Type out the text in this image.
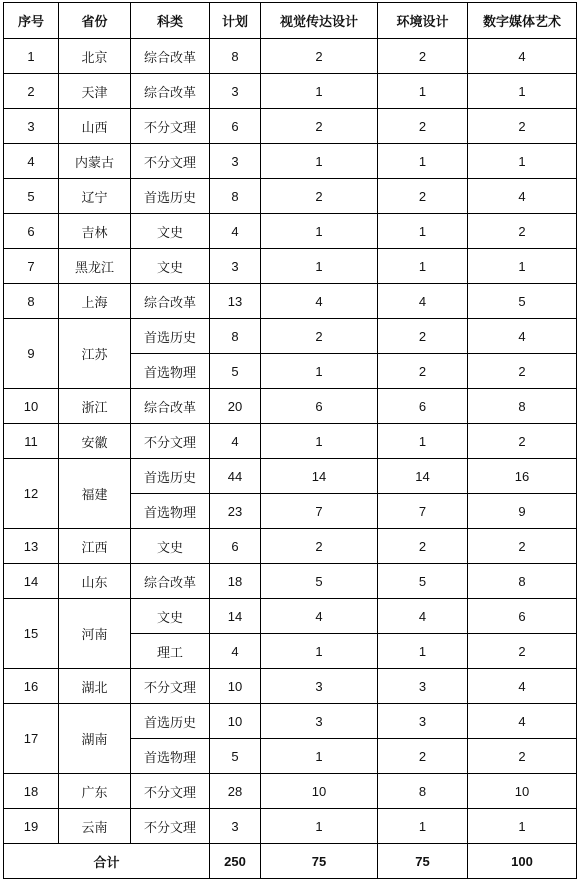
序号	省份	科类	计划	视觉传达设计	环境设计	数字媒体艺术
1	北京	综合改革	8	2	2	4
2	天津	综合改革	3	1	1	1
3	山西	不分文理	6	2	2	2
4	内蒙古	不分文理	3	1	1	1
5	辽宁	首选历史	8	2	2	4
6	吉林	文史	4	1	1	2
7	黑龙江	文史	3	1	1	1
8	上海	综合改革	13	4	4	5
9	江苏	首选历史	8	2	2	4
		首选物理	5	1	2	2
10	浙江	综合改革	20	6	6	8
11	安徽	不分文理	4	1	1	2
12	福建	首选历史	44	14	14	16
		首选物理	23	7	7	9
13	江西	文史	6	2	2	2
14	山东	综合改革	18	5	5	8
15	河南	文史	14	4	4	6
		理工	4	1	1	2
16	湖北	不分文理	10	3	3	4
17	湖南	首选历史	10	3	3	4
		首选物理	5	1	2	2
18	广东	不分文理	28	10	8	10
19	云南	不分文理	3	1	1	1
合计			250	75	75	100
